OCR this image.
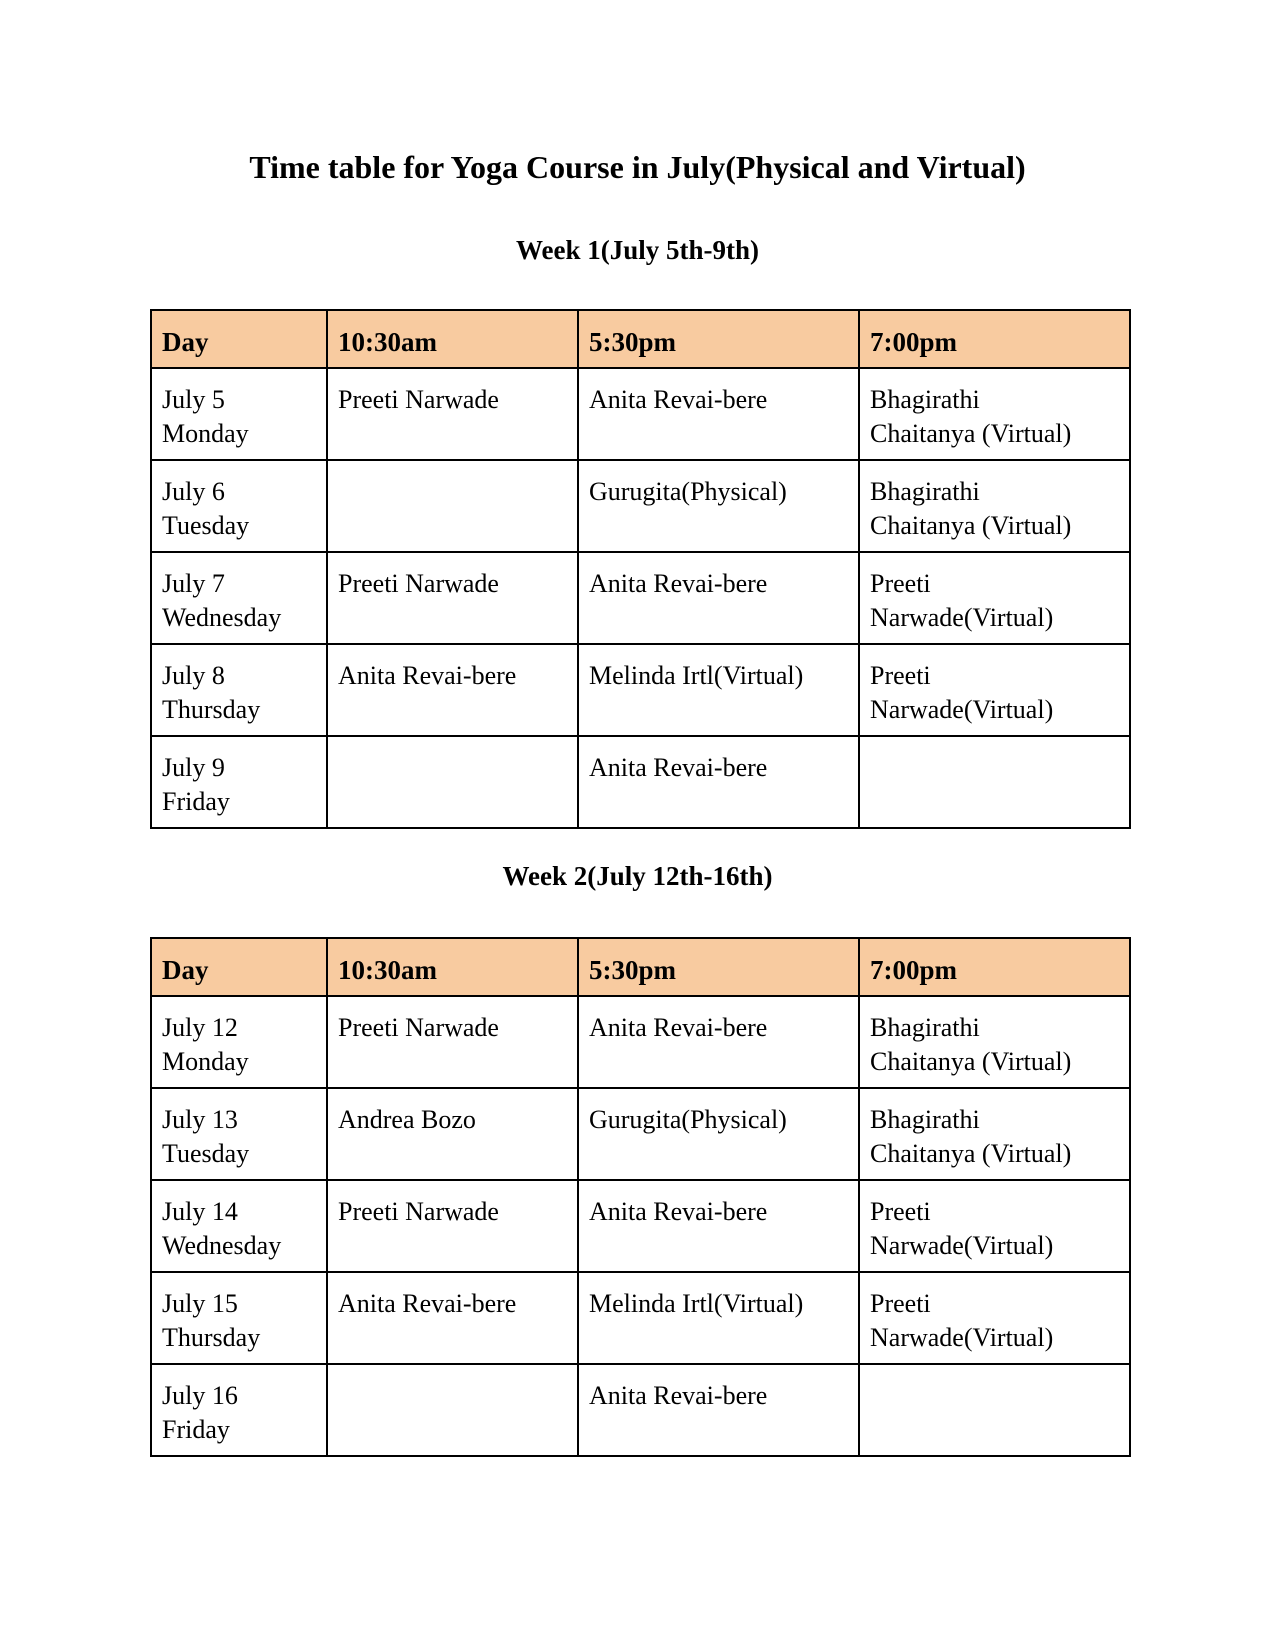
Time table for Yoga Course in July(Physical and Virtual)
Week 1(July 5th-9th)
Day	10:30am	5:30pm	7:00pm

July 5
Monday	Preeti Narwade	Anita Revai-bere	Bhagirathi
Chaitanya (Virtual)

July 6
Tuesday		Gurugita(Physical)	Bhagirathi
Chaitanya (Virtual)

July 7
Wednesday	Preeti Narwade	Anita Revai-bere	Preeti
Narwade(Virtual)

July 8
Thursday	Anita Revai-bere	Melinda Irtl(Virtual)	Preeti
Narwade(Virtual)

July 9
Friday		Anita Revai-bere	
Week 2(July 12th-16th)
Day	10:30am	5:30pm	7:00pm

July 12
Monday	Preeti Narwade	Anita Revai-bere	Bhagirathi
Chaitanya (Virtual)

July 13
Tuesday	Andrea Bozo	Gurugita(Physical)	Bhagirathi
Chaitanya (Virtual)

July 14
Wednesday	Preeti Narwade	Anita Revai-bere	Preeti
Narwade(Virtual)

July 15
Thursday	Anita Revai-bere	Melinda Irtl(Virtual)	Preeti
Narwade(Virtual)

July 16
Friday		Anita Revai-bere	
